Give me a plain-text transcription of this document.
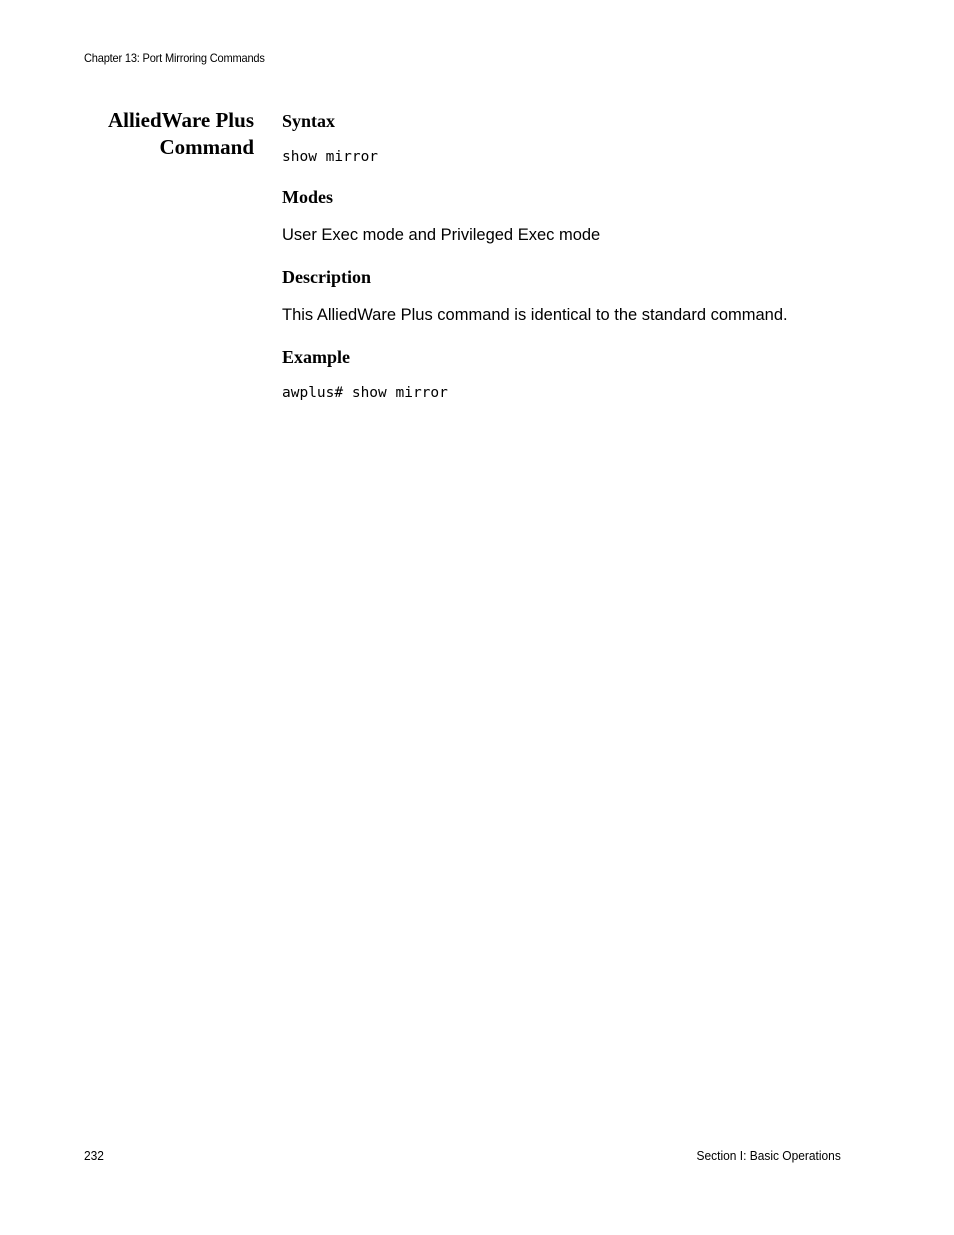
Chapter 13: Port Mirroring Commands
AlliedWare Plus
Command
Syntax
show mirror
Modes

User Exec mode and Privileged Exec mode

Description

This AlliedWare Plus command is identical to the standard command.

Example
awplus# show mirror
232	Section I: Basic Operations
